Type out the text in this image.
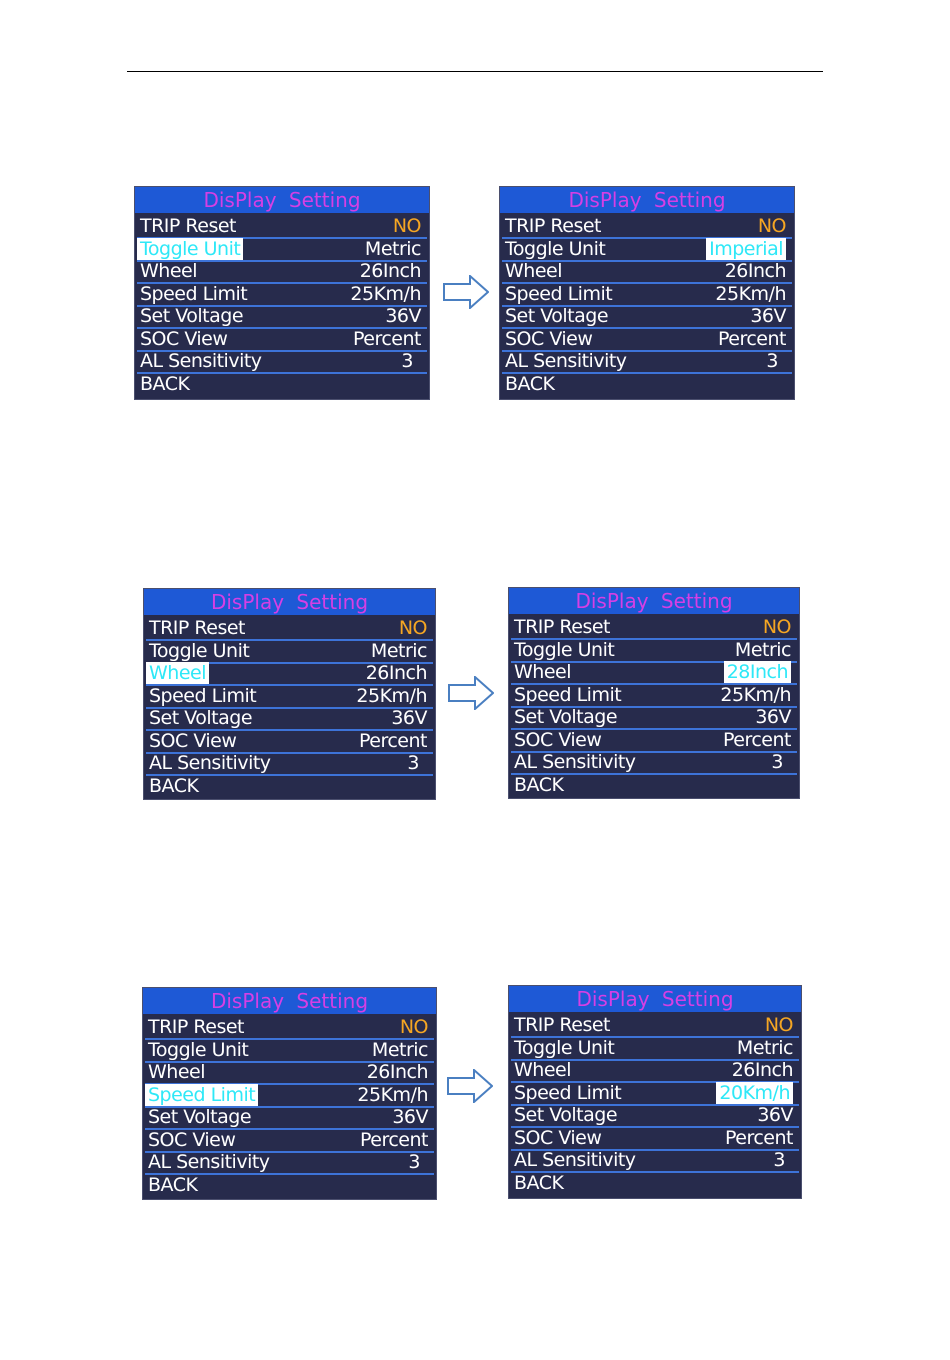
DisPlay Setting
TRIP Reset	NO
Toggle Unit	Metric
Wheel	26Inch
Speed Limit	25Km/h
Set Voltage	36V
SOC View	Percent
AL Sensitivity	3
BACK
DisPlay Setting
TRIP Reset	NO
Toggle Unit	Imperial
Wheel	26Inch
Speed Limit	25Km/h
Set Voltage	36V
SOC View	Percent
AL Sensitivity	3
BACK
DisPlay Setting
TRIP Reset	NO
Toggle Unit	Metric
Wheel	26Inch
Speed Limit	25Km/h
Set Voltage	36V
SOC View	Percent
AL Sensitivity	3
BACK
DisPlay Setting
TRIP Reset	NO
Toggle Unit	Metric
Wheel	28Inch
Speed Limit	25Km/h
Set Voltage	36V
SOC View	Percent
AL Sensitivity	3
BACK
DisPlay Setting
TRIP Reset	NO
Toggle Unit	Metric
Wheel	26Inch
Speed Limit	25Km/h
Set Voltage	36V
SOC View	Percent
AL Sensitivity	3
BACK
DisPlay Setting
TRIP Reset	NO
Toggle Unit	Metric
Wheel	26Inch
Speed Limit	20Km/h
Set Voltage	36V
SOC View	Percent
AL Sensitivity	3
BACK
